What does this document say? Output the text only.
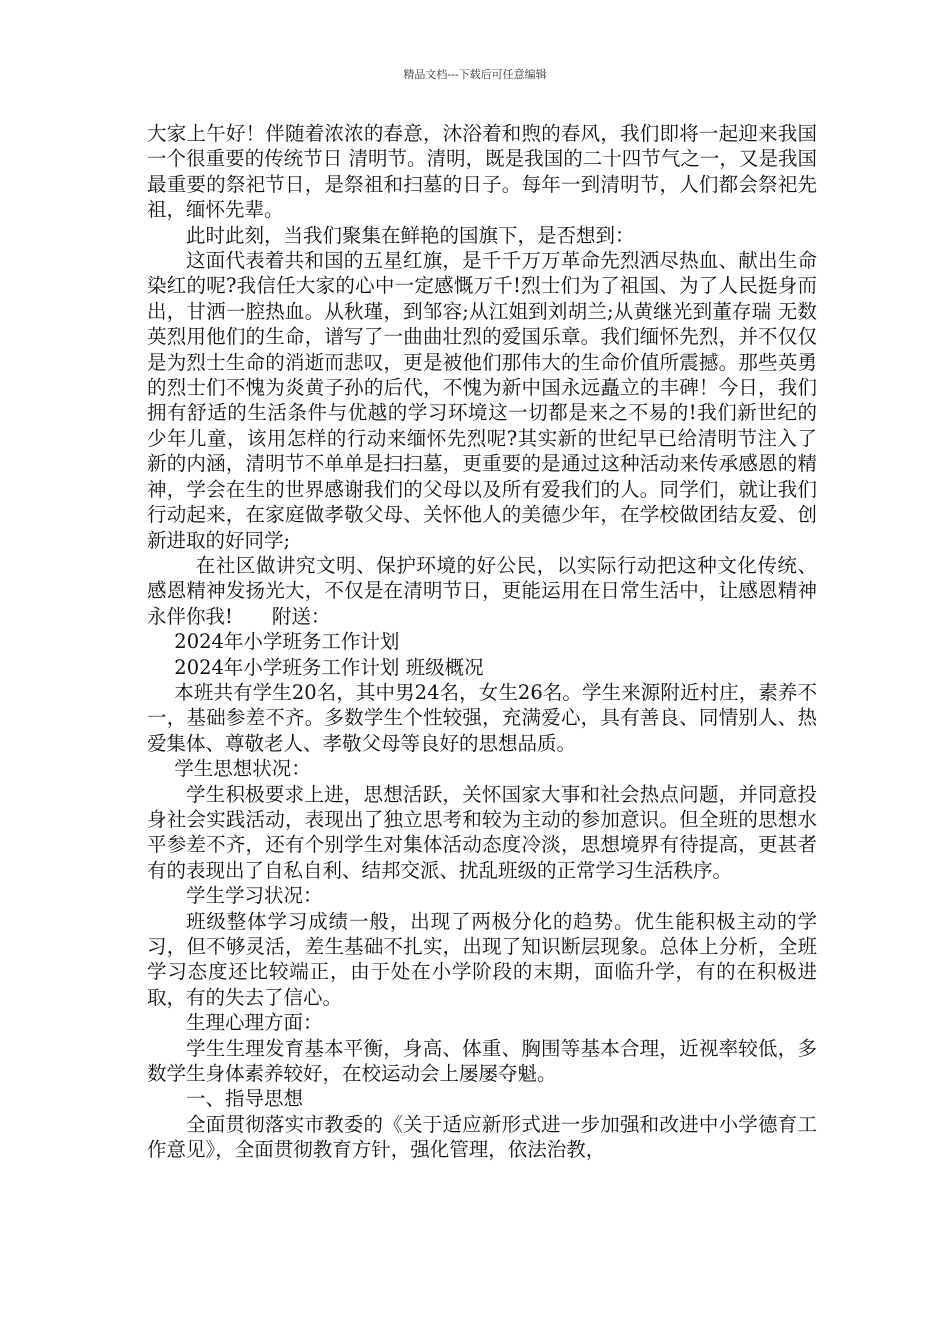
精品文档---下载后可任意编辑

大家上午好！伴随着浓浓的春意，沐浴着和煦的春风，我们即将一起迎来我国一个很重要的传统节日 清明节。清明，既是我国的二十四节气之一，又是我国最重要的祭祀节日，是祭祖和扫墓的日子。每年一到清明节，人们都会祭祀先祖，缅怀先辈。

此时此刻，当我们聚集在鲜艳的国旗下，是否想到：

这面代表着共和国的五星红旗，是千千万万革命先烈洒尽热血、献出生命染红的呢?我信任大家的心中一定感慨万千!烈士们为了祖国、为了人民挺身而出，甘洒一腔热血。从秋瑾，到邹容;从江姐到刘胡兰;从黄继光到董存瑞 无数英烈用他们的生命，谱写了一曲曲壮烈的爱国乐章。我们缅怀先烈，并不仅仅是为烈士生命的消逝而悲叹，更是被他们那伟大的生命价值所震撼。那些英勇的烈士们不愧为炎黄子孙的后代，不愧为新中国永远矗立的丰碑！今日，我们拥有舒适的生活条件与优越的学习环境这一切都是来之不易的!我们新世纪的少年儿童，该用怎样的行动来缅怀先烈呢?其实新的世纪早已给清明节注入了新的内涵，清明节不单单是扫扫墓，更重要的是通过这种活动来传承感恩的精神，学会在生的世界感谢我们的父母以及所有爱我们的人。同学们，就让我们行动起来，在家庭做孝敬父母、关怀他人的美德少年，在学校做团结友爱、创新进取的好同学;

在社区做讲究文明、保护环境的好公民，以实际行动把这种文化传统、感恩精神发扬光大，不仅是在清明节日，更能运用在日常生活中，让感恩精神永伴你我!　　附送：

2024年小学班务工作计划

2024年小学班务工作计划 班级概况

本班共有学生20名，其中男24名，女生26名。学生来源附近村庄，素养不一，基础参差不齐。多数学生个性较强，充满爱心，具有善良、同情别人、热爱集体、尊敬老人、孝敬父母等良好的思想品质。

学生思想状况：

学生积极要求上进，思想活跃，关怀国家大事和社会热点问题，并同意投身社会实践活动，表现出了独立思考和较为主动的参加意识。但全班的思想水平参差不齐，还有个别学生对集体活动态度冷淡，思想境界有待提高，更甚者有的表现出了自私自利、结邦交派、扰乱班级的正常学习生活秩序。

学生学习状况：

班级整体学习成绩一般，出现了两极分化的趋势。优生能积极主动的学习，但不够灵活，差生基础不扎实，出现了知识断层现象。总体上分析，全班学习态度还比较端正，由于处在小学阶段的末期，面临升学，有的在积极进取，有的失去了信心。

生理心理方面：

学生生理发育基本平衡，身高、体重、胸围等基本合理，近视率较低，多数学生身体素养较好，在校运动会上屡屡夺魁。

一、指导思想

全面贯彻落实市教委的《关于适应新形式进一步加强和改进中小学德育工作意见》，全面贯彻教育方针，强化管理，依法治教，
